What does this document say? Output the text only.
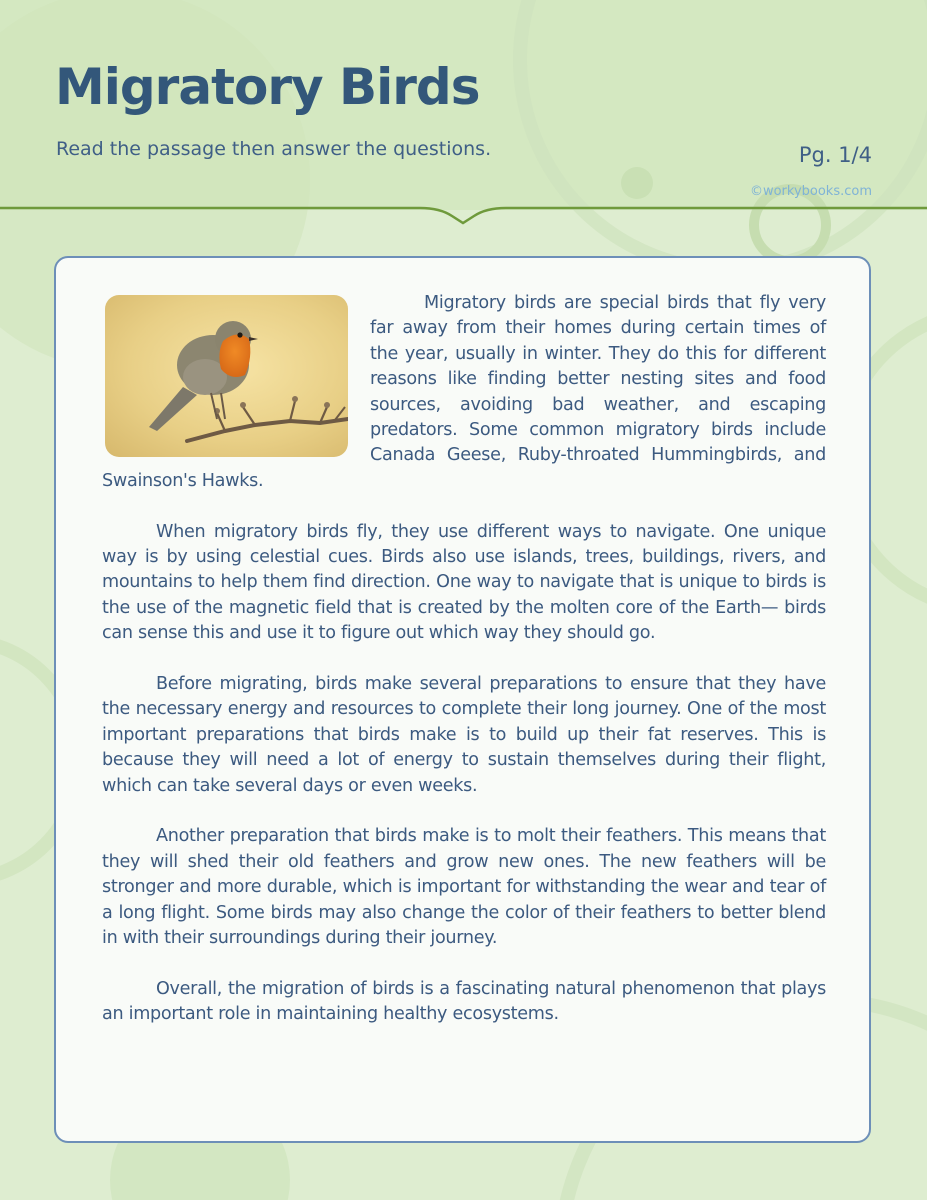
Migratory Birds

Read the passage then answer the questions.	Pg. 1/4
©workybooks.com

Migratory birds are special birds that fly very far away from their homes during certain times of the year, usually in winter. They do this for different reasons like finding better nesting sites and food sources, avoiding bad weather, and escaping predators. Some common migratory birds include Canada Geese, Ruby-throated Hummingbirds, and Swainson's Hawks.

When migratory birds fly, they use different ways to navigate. One unique way is by using celestial cues. Birds also use islands, trees, buildings, rivers, and mountains to help them find direction. One way to navigate that is unique to birds is the use of the magnetic field that is created by the molten core of the Earth— birds can sense this and use it to figure out which way they should go.

Before migrating, birds make several preparations to ensure that they have the necessary energy and resources to complete their long journey. One of the most important preparations that birds make is to build up their fat reserves. This is because they will need a lot of energy to sustain themselves during their flight, which can take several days or even weeks.

Another preparation that birds make is to molt their feathers. This means that they will shed their old feathers and grow new ones. The new feathers will be stronger and more durable, which is important for withstanding the wear and tear of a long flight. Some birds may also change the color of their feathers to better blend in with their surroundings during their journey.

Overall, the migration of birds is a fascinating natural phenomenon that plays an important role in maintaining healthy ecosystems.
